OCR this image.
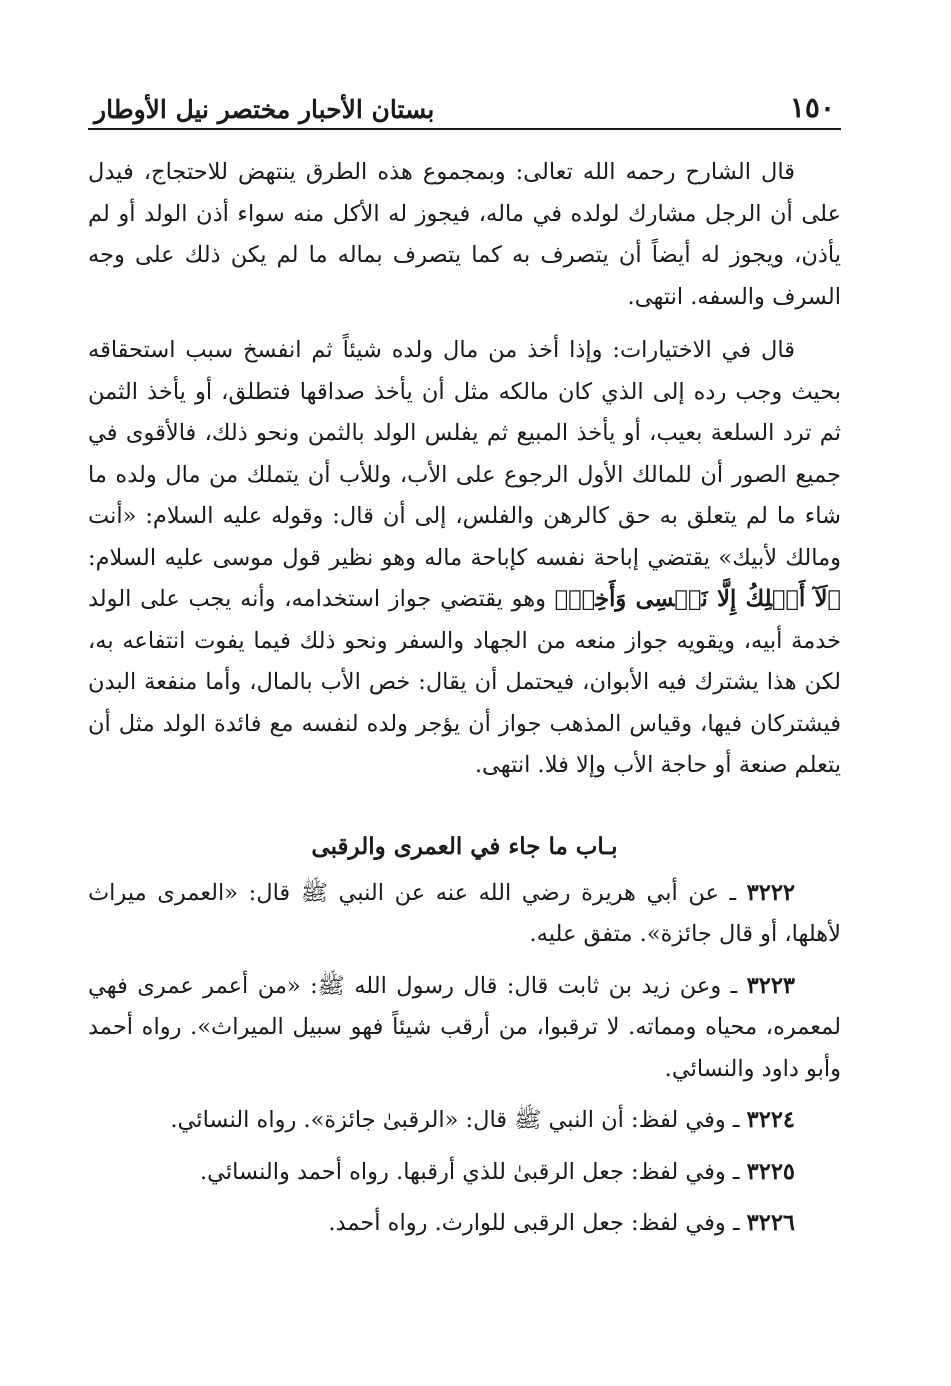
١٥٠
بستان الأحبار مختصر نيل الأوطار

قال الشارح رحمه الله تعالى: وبمجموع هذه الطرق ينتهض للاحتجاج، فيدل على أن الرجل مشارك لولده في ماله، فيجوز له الأكل منه سواء أذن الولد أو لم يأذن، ويجوز له أيضاً أن يتصرف به كما يتصرف بماله ما لم يكن ذلك على وجه السرف والسفه. انتهى.

قال في الاختيارات: وإذا أخذ من مال ولده شيئاً ثم انفسخ سبب استحقاقه بحيث وجب رده إلى الذي كان مالكه مثل أن يأخذ صداقها فتطلق، أو يأخذ الثمن ثم ترد السلعة بعيب، أو يأخذ المبيع ثم يفلس الولد بالثمن ونحو ذلك، فالأقوى في جميع الصور أن للمالك الأول الرجوع على الأب، وللأب أن يتملك من مال ولده ما شاء ما لم يتعلق به حق كالرهن والفلس، إلى أن قال: وقوله عليه السلام: «أنت ومالك لأبيك» يقتضي إباحة نفسه كإباحة ماله وهو نظير قول موسى عليه السلام: ﴿لَآ أَمۡلِكُ إِلَّا نَفۡسِى وَأَخِىۖ﴾ وهو يقتضي جواز استخدامه، وأنه يجب على الولد خدمة أبيه، ويقويه جواز منعه من الجهاد والسفر ونحو ذلك فيما يفوت انتفاعه به، لكن هذا يشترك فيه الأبوان، فيحتمل أن يقال: خص الأب بالمال، وأما منفعة البدن فيشتركان فيها، وقياس المذهب جواز أن يؤجر ولده لنفسه مع فائدة الولد مثل أن يتعلم صنعة أو حاجة الأب وإلا فلا. انتهى.

بـاب ما جاء في العمرى والرقبى

٣٢٢٢ ـ عن أبي هريرة رضي الله عنه عن النبي ﷺ قال: «العمرى ميراث لأهلها، أو قال جائزة». متفق عليه.

٣٢٢٣ ـ وعن زيد بن ثابت قال: قال رسول الله ﷺ: «من أعمر عمرى فهي لمعمره، محياه ومماته. لا ترقبوا، من أرقب شيئاً فهو سبيل الميراث». رواه أحمد وأبو داود والنسائي.

٣٢٢٤ ـ وفي لفظ: أن النبي ﷺ قال: «الرقبىٰ جائزة». رواه النسائي.

٣٢٢٥ ـ وفي لفظ: جعل الرقبىٰ للذي أرقبها. رواه أحمد والنسائي.

٣٢٢٦ ـ وفي لفظ: جعل الرقبى للوارث. رواه أحمد.
